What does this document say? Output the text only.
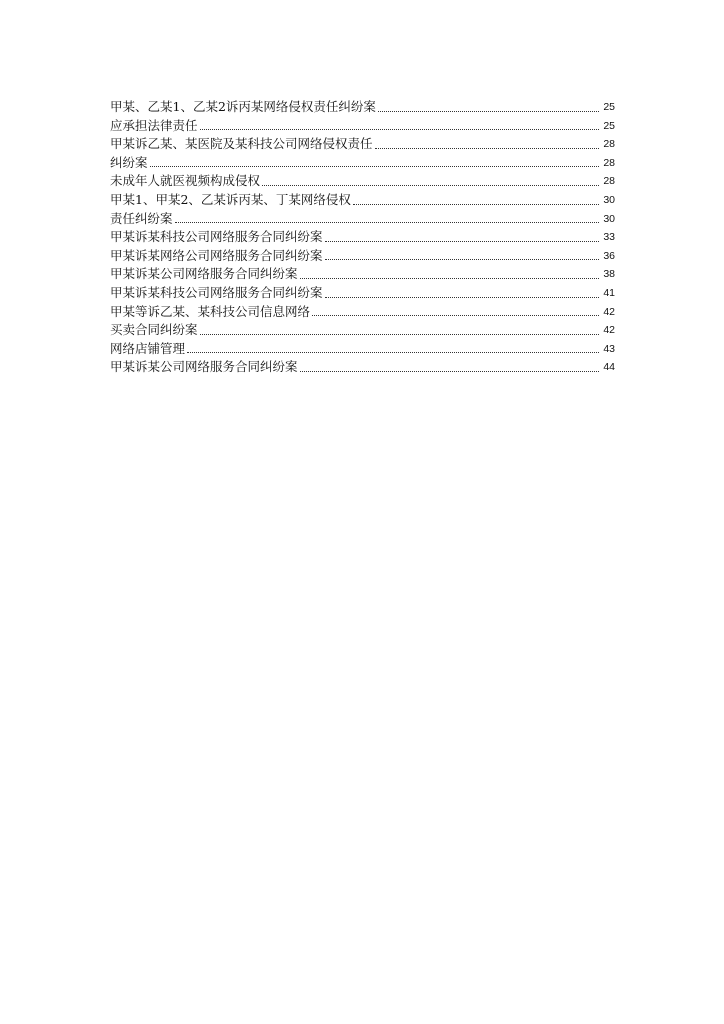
甲某、乙某1、乙某2诉丙某网络侵权责任纠纷案	25
应承担法律责任	25
甲某诉乙某、某医院及某科技公司网络侵权责任	28
纠纷案	28
未成年人就医视频构成侵权	28
甲某1、甲某2、乙某诉丙某、丁某网络侵权	30
责任纠纷案	30
甲某诉某科技公司网络服务合同纠纷案	33
甲某诉某网络公司网络服务合同纠纷案	36
甲某诉某公司网络服务合同纠纷案	38
甲某诉某科技公司网络服务合同纠纷案	41
甲某等诉乙某、某科技公司信息网络	42
买卖合同纠纷案	42
网络店铺管理	43
甲某诉某公司网络服务合同纠纷案	44
